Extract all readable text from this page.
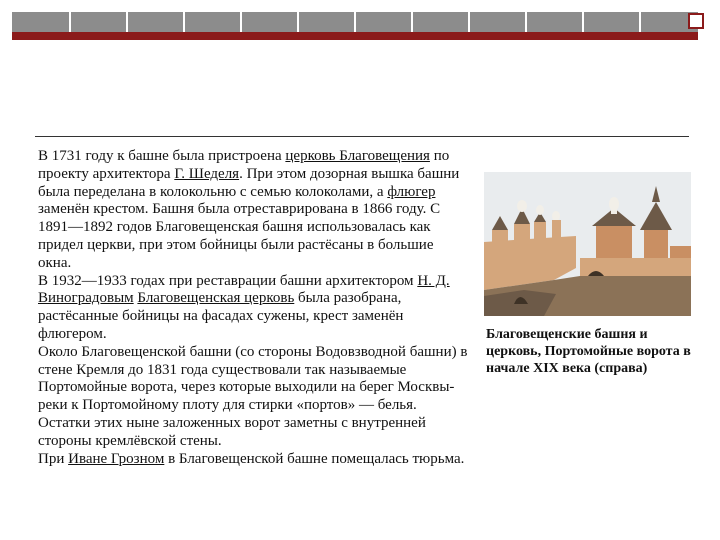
В 1731 году к башне была пристроена церковь Благовещения по проекту архитектора Г. Шеделя. При этом дозорная вышка башни была переделана в колокольню с семью колоколами, а флюгер заменён крестом. Башня была отреставрирована в 1866 году. С 1891—1892 годов Благовещенская башня использовалась как придел церкви, при этом бойницы были растёсаны в большие окна.

В 1932—1933 годах при реставрации башни архитектором Н. Д. Виноградовым Благовещенская церковь была разобрана, растёсанные бойницы на фасадах сужены, крест заменён флюгером.

Около Благовещенской башни (со стороны Водовзводной башни) в стене Кремля до 1831 года существовали так называемые Портомойные ворота, через которые выходили на берег Москвы-реки к Портомойному плоту для стирки «портов» — белья. Остатки этих ныне заложенных ворот заметны с внутренней стороны кремлёвской стены.

При Иване Грозном в Благовещенской башне помещалась тюрьма.

Благовещенские башня и церковь, Портомойные ворота в начале XIX века (справа)
